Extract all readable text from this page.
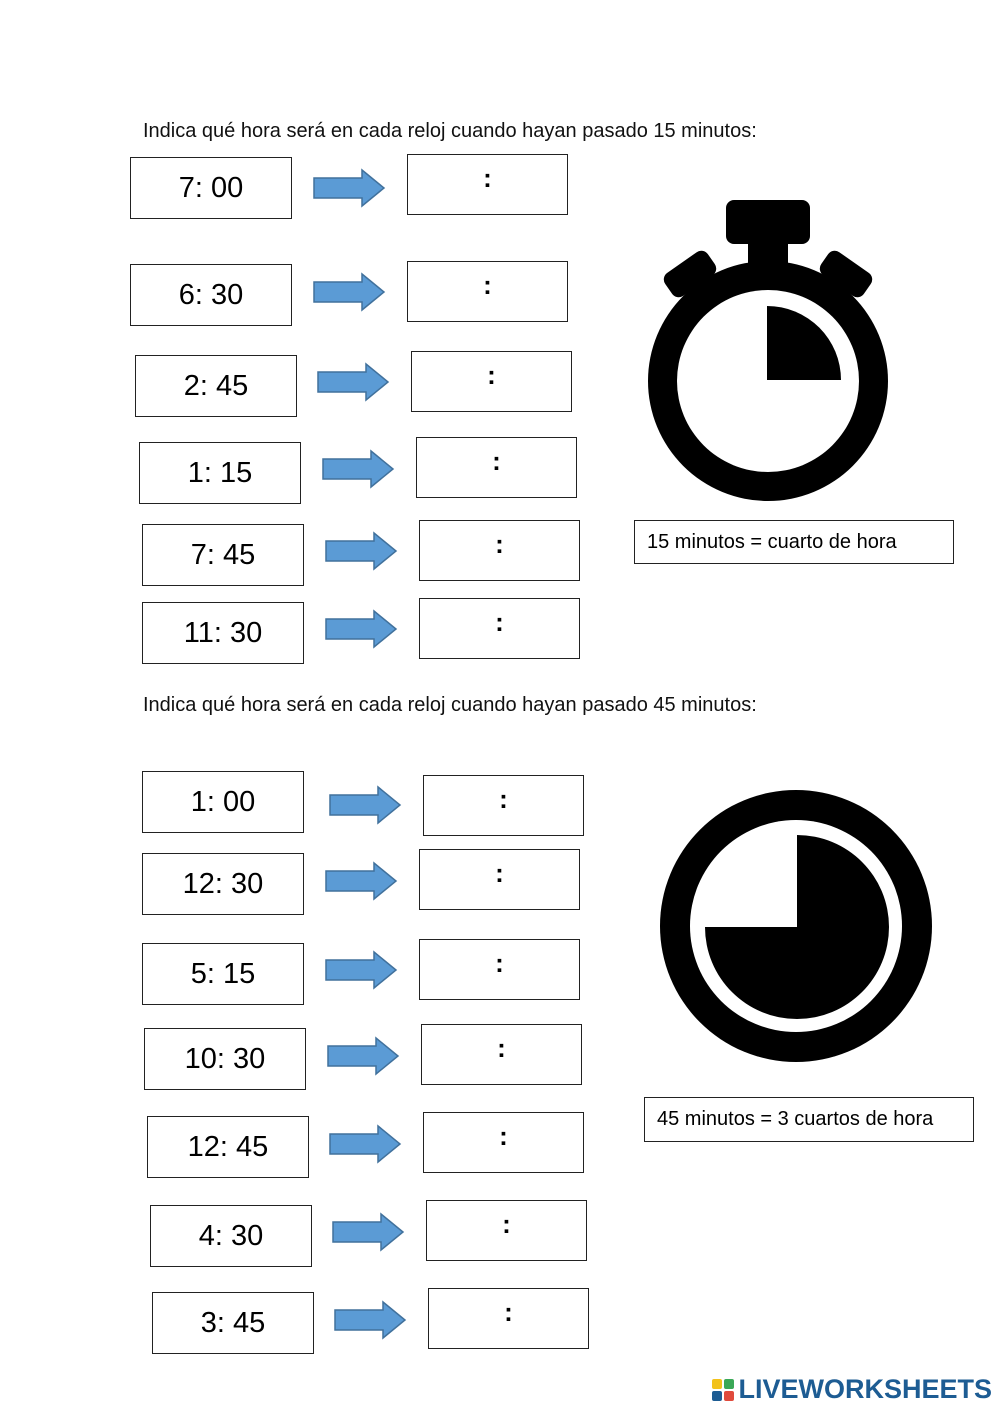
Indica qué hora será en cada reloj cuando hayan pasado 15 minutos:
7: 00	:
6: 30	:
2: 45	:
1: 15	:
7: 45	:
11: 30	:
15 minutos = cuarto de hora
Indica qué hora será en cada reloj cuando hayan pasado 45 minutos:
1: 00	:
12: 30	:
5: 15	:
10: 30	:
12: 45	:
4: 30	:
3: 45	:
45 minutos = 3 cuartos de hora
LIVEWORKSHEETS
